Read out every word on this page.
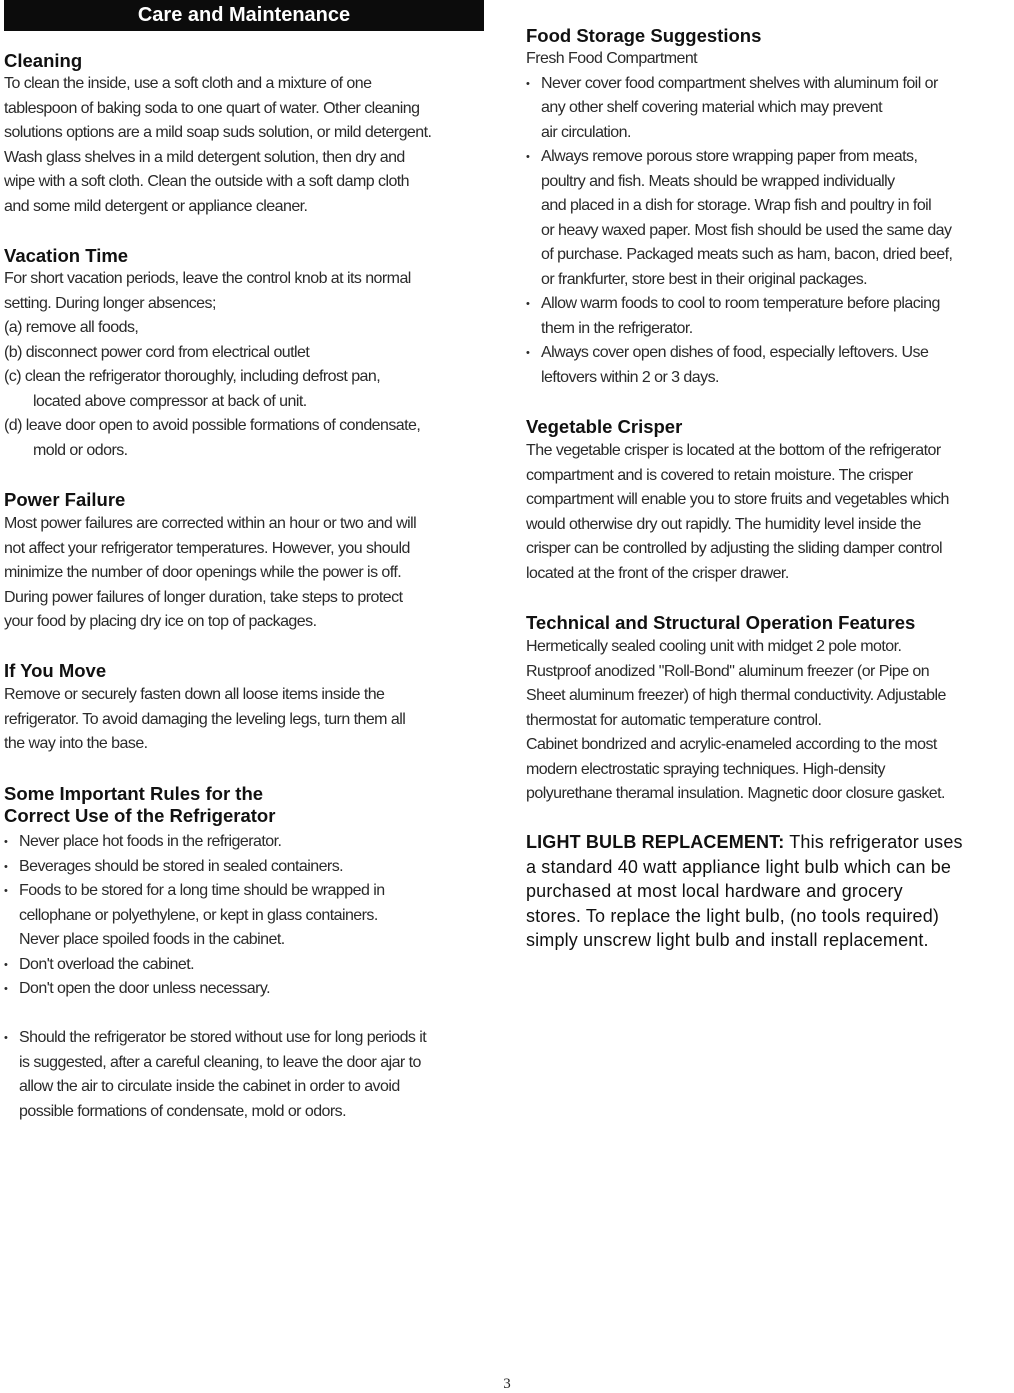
Care and Maintenance
Cleaning
To clean the inside, use a soft cloth and a mixture of one
tablespoon of baking soda to one quart of water. Other cleaning
solutions options are a mild soap suds solution, or mild detergent.
Wash glass shelves in a mild detergent solution, then dry and
wipe with a soft cloth. Clean the outside with a soft damp cloth
and some mild detergent or appliance cleaner.
Vacation Time
For short vacation periods, leave the control knob at its normal
setting. During longer absences;
(a) remove all foods,
(b) disconnect power cord from electrical outlet
(c) clean the refrigerator thoroughly, including defrost pan,
located above compressor at back of unit.
(d) leave door open to avoid possible formations of condensate,
mold or odors.
Power Failure
Most power failures are corrected within an hour or two and will
not affect your refrigerator temperatures. However, you should
minimize the number of door openings while the power is off.
During power failures of longer duration, take steps to protect
your food by placing dry ice on top of packages.
If You Move
Remove or securely fasten down all loose items inside the
refrigerator. To avoid damaging the leveling legs, turn them all
the way into the base.
Some Important Rules for the
Correct Use of the Refrigerator
• Never place hot foods in the refrigerator.
• Beverages should be stored in sealed containers.
• Foods to be stored for a long time should be wrapped in
cellophane or polyethylene, or kept in glass containers.
Never place spoiled foods in the cabinet.
• Don't overload the cabinet.
• Don't open the door unless necessary.
• Should the refrigerator be stored without use for long periods it
is suggested, after a careful cleaning, to leave the door ajar to
allow the air to circulate inside the cabinet in order to avoid
possible formations of condensate, mold or odors.
Food Storage Suggestions
Fresh Food Compartment
• Never cover food compartment shelves with aluminum foil or
any other shelf covering material which may prevent
air circulation.
• Always remove porous store wrapping paper from meats,
poultry and fish. Meats should be wrapped individually
and placed in a dish for storage. Wrap fish and poultry in foil
or heavy waxed paper. Most fish should be used the same day
of purchase. Packaged meats such as ham, bacon, dried beef,
or frankfurter, store best in their original packages.
• Allow warm foods to cool to room temperature before placing
them in the refrigerator.
• Always cover open dishes of food, especially leftovers. Use
leftovers within 2 or 3 days.
Vegetable Crisper
The vegetable crisper is located at the bottom of the refrigerator
compartment and is covered to retain moisture. The crisper
compartment will enable you to store fruits and vegetables which
would otherwise dry out rapidly. The humidity level inside the
crisper can be controlled by adjusting the sliding damper control
located at the front of the crisper drawer.
Technical and Structural Operation Features
Hermetically sealed cooling unit with midget 2 pole motor.
Rustproof anodized "Roll-Bond" aluminum freezer (or Pipe on
Sheet aluminum freezer) of high thermal conductivity. Adjustable
thermostat for automatic temperature control.
Cabinet bondrized and acrylic-enameled according to the most
modern electrostatic spraying techniques. High-density
polyurethane theramal insulation. Magnetic door closure gasket.
LIGHT BULB REPLACEMENT: This refrigerator uses
a standard 40 watt appliance light bulb which can be
purchased at most local hardware and grocery
stores. To replace the light bulb, (no tools required)
simply unscrew light bulb and install replacement.
3
